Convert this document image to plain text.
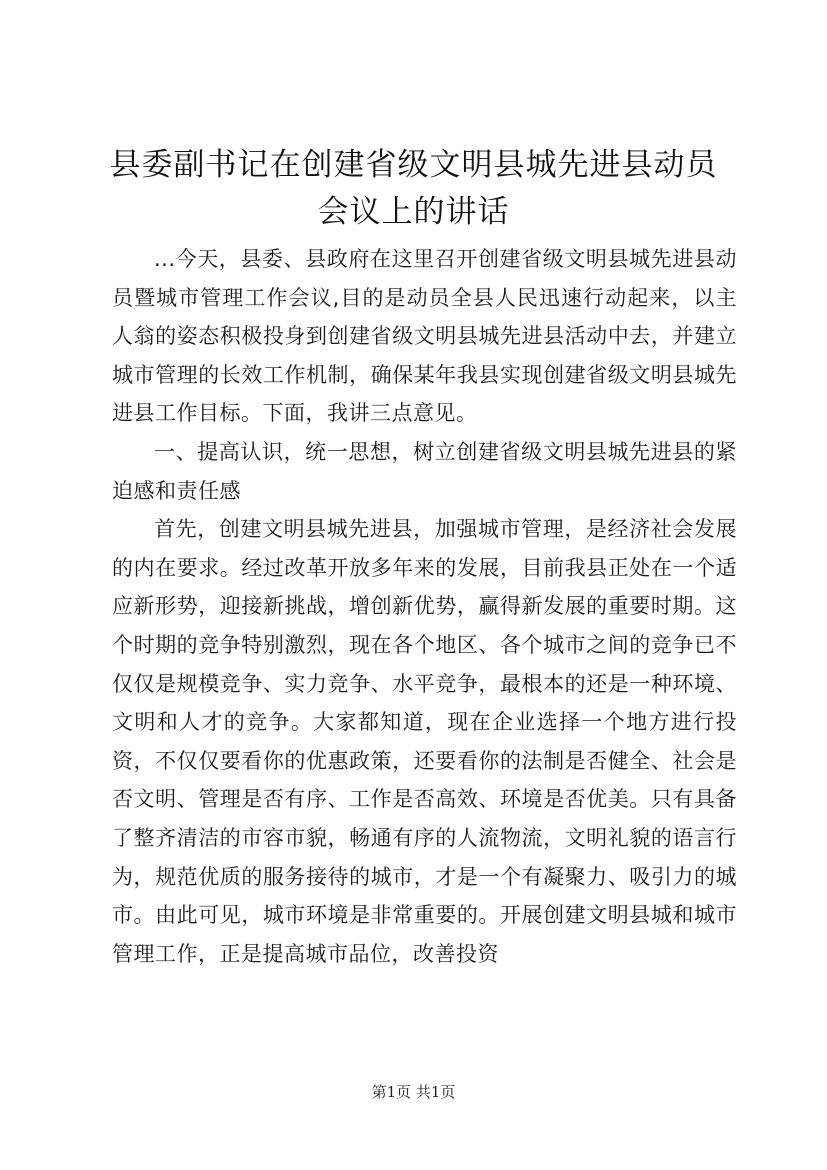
县委副书记在创建省级文明县城先进县动员会议上的讲话

...今天，县委、县政府在这里召开创建省级文明县城先进县动员暨城市管理工作会议,目的是动员全县人民迅速行动起来，以主人翁的姿态积极投身到创建省级文明县城先进县活动中去，并建立城市管理的长效工作机制，确保某年我县实现创建省级文明县城先进县工作目标。下面，我讲三点意见。

一、提高认识，统一思想，树立创建省级文明县城先进县的紧迫感和责任感

首先，创建文明县城先进县，加强城市管理，是经济社会发展的内在要求。经过改革开放多年来的发展，目前我县正处在一个适应新形势，迎接新挑战，增创新优势，赢得新发展的重要时期。这个时期的竞争特别激烈，现在各个地区、各个城市之间的竞争已不仅仅是规模竞争、实力竞争、水平竞争，最根本的还是一种环境、文明和人才的竞争。大家都知道，现在企业选择一个地方进行投资，不仅仅要看你的优惠政策，还要看你的法制是否健全、社会是否文明、管理是否有序、工作是否高效、环境是否优美。只有具备了整齐清洁的市容市貌，畅通有序的人流物流，文明礼貌的语言行为，规范优质的服务接待的城市，才是一个有凝聚力、吸引力的城市。由此可见，城市环境是非常重要的。开展创建文明县城和城市管理工作，正是提高城市品位，改善投资

第1页 共1页
